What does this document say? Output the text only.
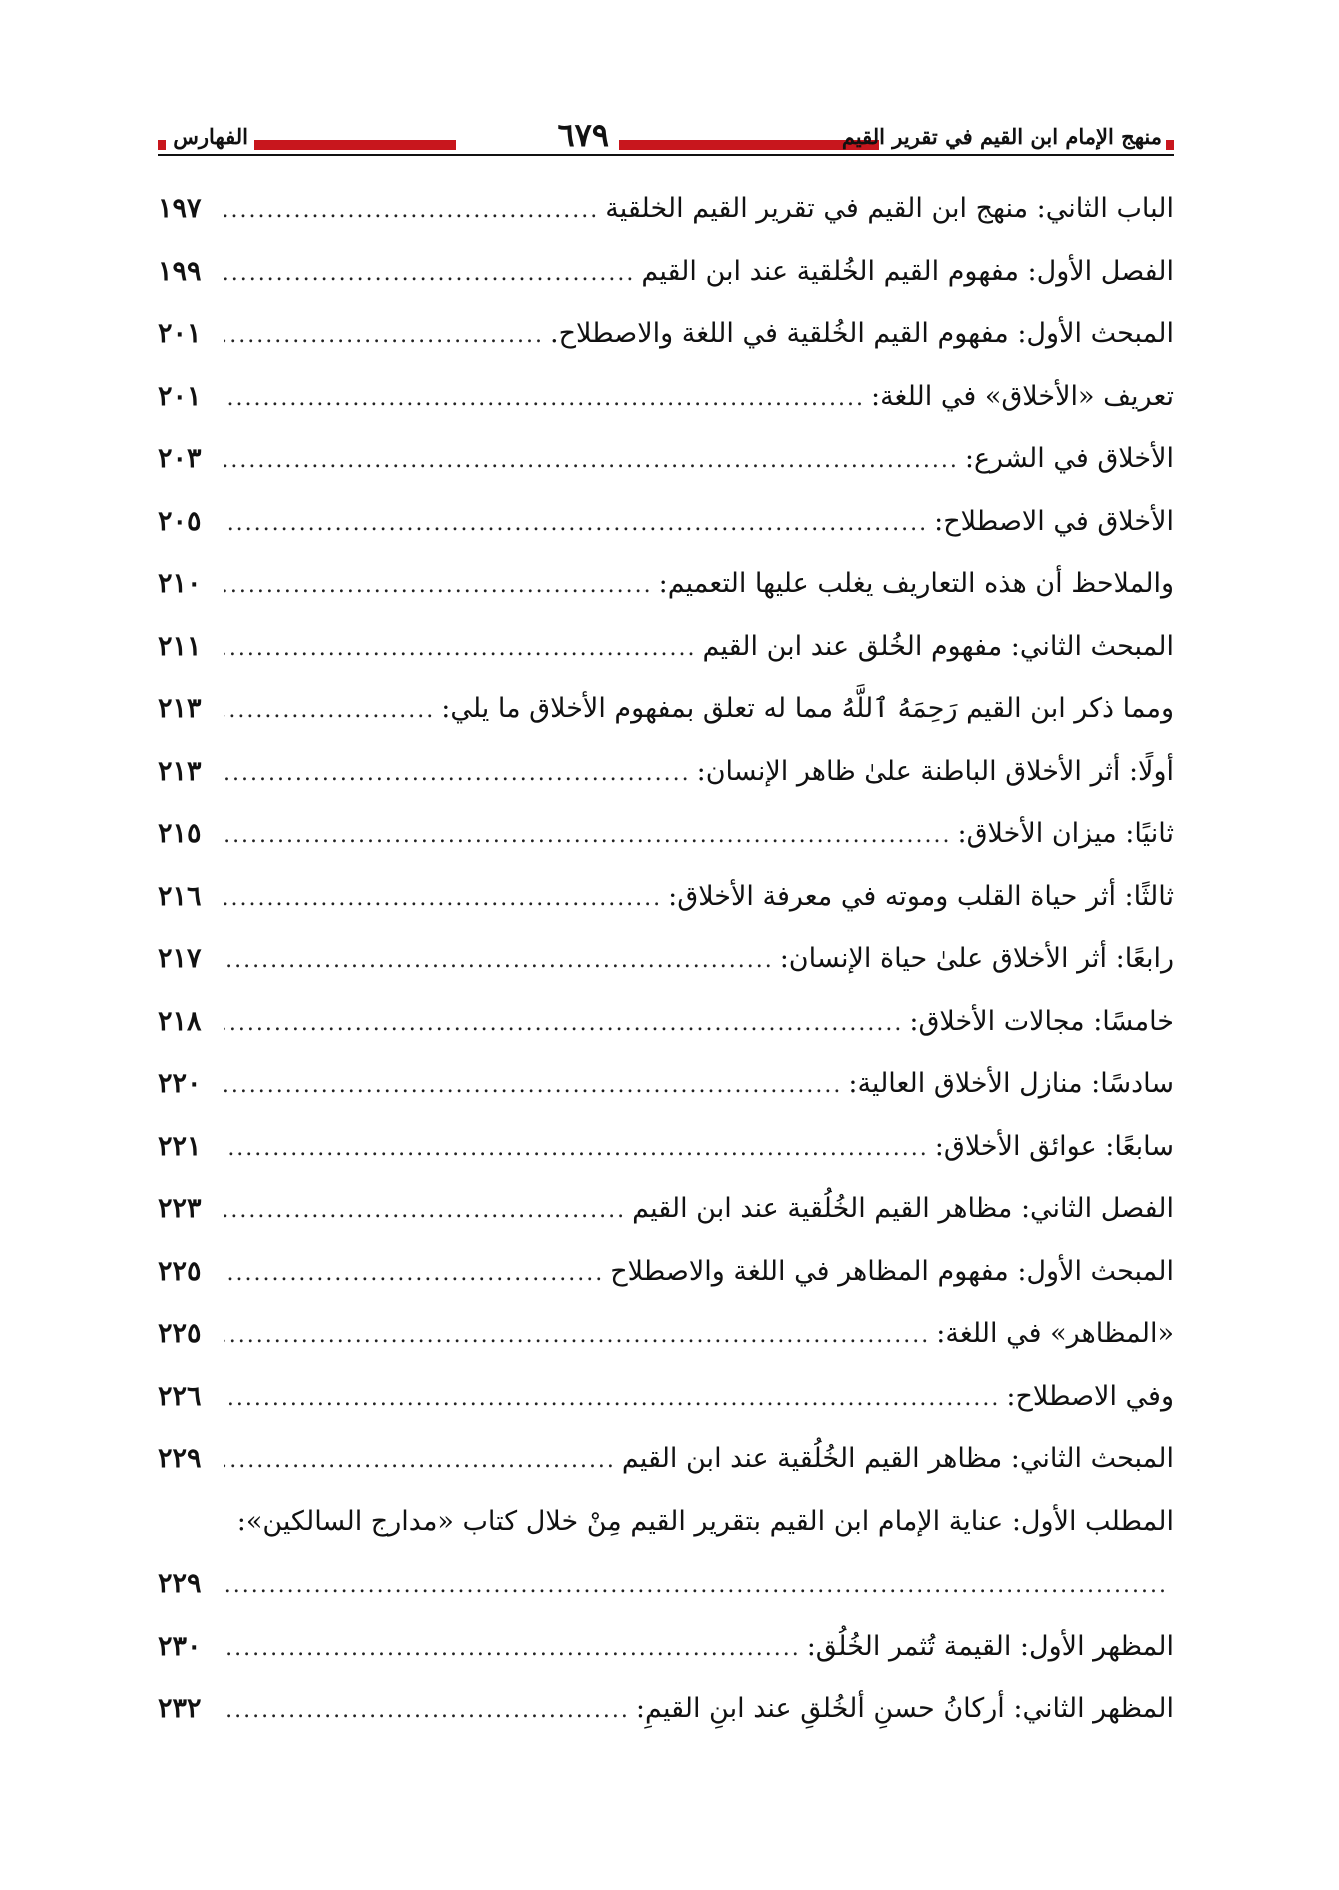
منهج الإمام ابن القيم في تقرير القيم
٦٧٩
الفهارس
الباب الثاني: منهج ابن القيم في تقرير القيم الخلقية
.....
١٩٧
الفصل الأول: مفهوم القيم الخُلقية عند ابن القيم
.....
١٩٩
المبحث الأول: مفهوم القيم الخُلقية في اللغة والاصطلاح.
.....
٢٠١
تعريف «الأخلاق» في اللغة:
.....
٢٠١
الأخلاق في الشرع:
.....
٢٠٣
الأخلاق في الاصطلاح:
.....
٢٠٥
والملاحظ أن هذه التعاريف يغلب عليها التعميم:
.....
٢١٠
المبحث الثاني: مفهوم الخُلق عند ابن القيم
.....
٢١١
ومما ذكر ابن القيم رَحِمَهُ ٱللَّهُ مما له تعلق بمفهوم الأخلاق ما يلي:
.....
٢١٣
أولًا: أثر الأخلاق الباطنة علىٰ ظاهر الإنسان:
.....
٢١٣
ثانيًا: ميزان الأخلاق:
.....
٢١٥
ثالثًا: أثر حياة القلب وموته في معرفة الأخلاق:
.....
٢١٦
رابعًا: أثر الأخلاق علىٰ حياة الإنسان:
.....
٢١٧
خامسًا: مجالات الأخلاق:
.....
٢١٨
سادسًا: منازل الأخلاق العالية:
.....
٢٢٠
سابعًا: عوائق الأخلاق:
.....
٢٢١
الفصل الثاني: مظاهر القيم الخُلُقية عند ابن القيم
.....
٢٢٣
المبحث الأول: مفهوم المظاهر في اللغة والاصطلاح
.....
٢٢٥
«المظاهر» في اللغة:
.....
٢٢٥
وفي الاصطلاح:
.....
٢٢٦
المبحث الثاني: مظاهر القيم الخُلُقية عند ابن القيم
.....
٢٢٩
المطلب الأول: عناية الإمام ابن القيم بتقرير القيم مِنْ خلال كتاب «مدارج السالكين»:
.....
٢٢٩
المظهر الأول: القيمة تُثمر الخُلُق:
.....
٢٣٠
المظهر الثاني: أركانُ حسنِ ألخُلقِ عند ابنِ القيمِ:
.....
٢٣٢
